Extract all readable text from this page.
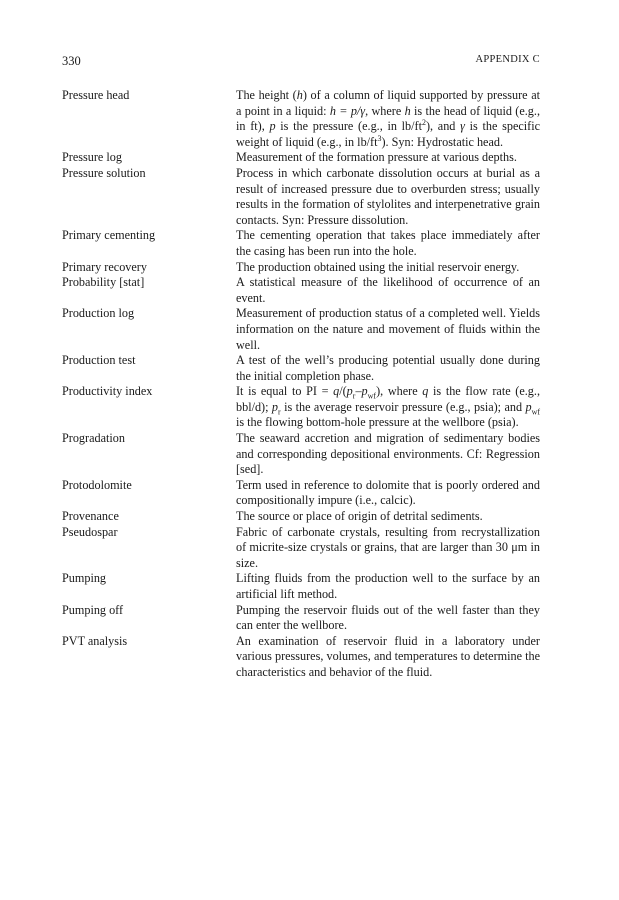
330	APPENDIX C
Pressure head	The height (h) of a column of liquid supported by pressure at a point in a liquid: h = p/γ, where h is the head of liquid (e.g., in ft), p is the pressure (e.g., in $lb/ft^2$), and γ is the specific weight of liquid (e.g., in $lb/ft^3$). Syn: Hydrostatic head.
Pressure log	Measurement of the formation pressure at various depths.
Pressure solution	Process in which carbonate dissolution occurs at burial as a result of increased pressure due to overburden stress; usually results in the formation of stylolites and interpenetrative grain contacts. Syn: Pressure dissolution.
Primary cementing	The cementing operation that takes place immediately after the casing has been run into the hole.
Primary recovery	The production obtained using the initial reservoir energy.
Probability [stat]	A statistical measure of the likelihood of occurrence of an event.
Production log	Measurement of production status of a completed well. Yields information on the nature and movement of fluids within the well.
Production test	A test of the well’s producing potential usually done during the initial completion phase.
Productivity index	It is equal to PI = $q/(p_r-p_{wf})$, where q is the flow rate (e.g., bbl/d); $p_r$ is the average reservoir pressure (e.g., psia); and $p_{wf}$ is the flowing bottom-hole pressure at the wellbore (psia).
Progradation	The seaward accretion and migration of sedimentary bodies and corresponding depositional environments. Cf: Regression [sed].
Protodolomite	Term used in reference to dolomite that is poorly ordered and compositionally impure (i.e., calcic).
Provenance	The source or place of origin of detrital sediments.
Pseudospar	Fabric of carbonate crystals, resulting from recrystallization of micrite-size crystals or grains, that are larger than 30 μm in size.
Pumping	Lifting fluids from the production well to the surface by an artificial lift method.
Pumping off	Pumping the reservoir fluids out of the well faster than they can enter the wellbore.
PVT analysis	An examination of reservoir fluid in a laboratory under various pressures, volumes, and temperatures to determine the characteristics and behavior of the fluid.
